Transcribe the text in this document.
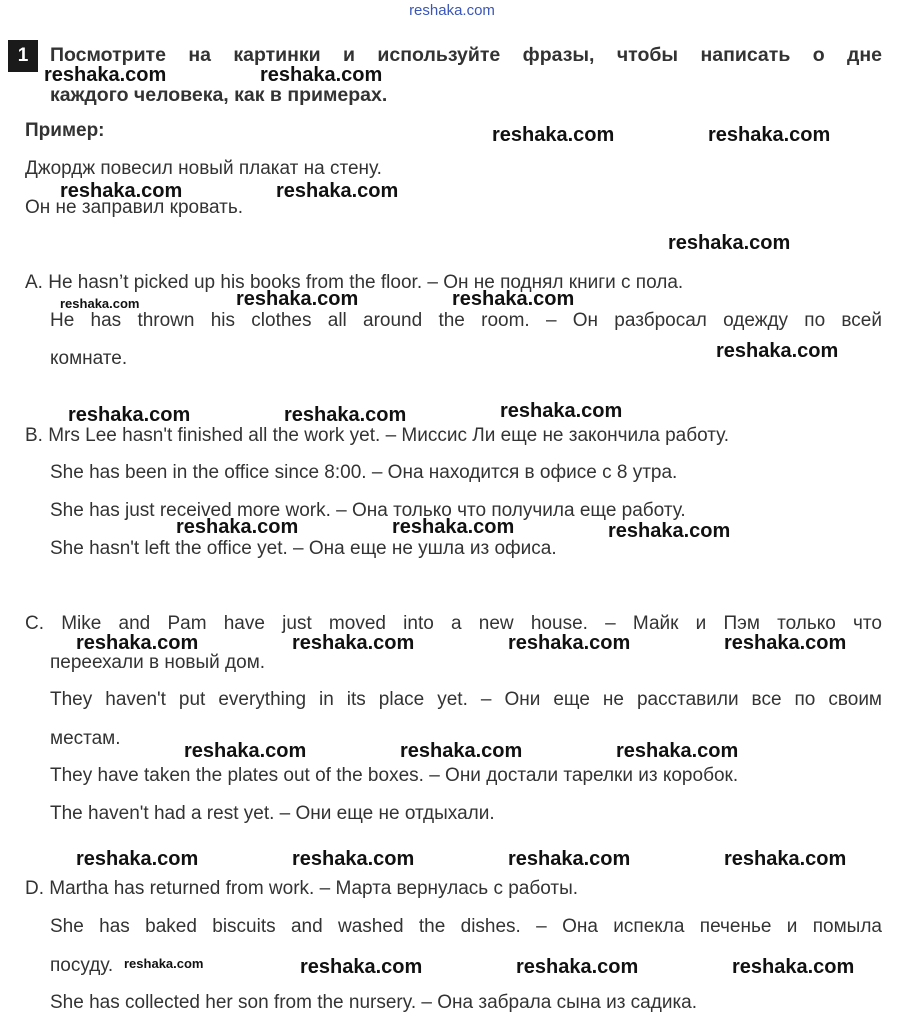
reshaka.com
1	Посмотрите на картинки и используйте фразы, чтобы написать о дне
каждого человека, как в примерах.
Пример:
Джордж повесил новый плакат на стену.
Он не заправил кровать.
A. He hasn’t picked up his books from the floor. – Он не поднял книги с пола.
He has thrown his clothes all around the room. – Он разбросал одежду по всей
комнате.
B. Mrs Lee hasn't finished all the work yet. – Миссис Ли еще не закончила работу.
She has been in the office since 8:00. – Она находится в офисе с 8 утра.
She has just received more work. – Она только что получила еще работу.
She hasn't left the office yet. – Она еще не ушла из офиса.
C. Mike and Pam have just moved into a new house. – Майк и Пэм только что
переехали в новый дом.
They haven't put everything in its place yet. – Они еще не расставили все по своим
местам.
They have taken the plates out of the boxes. – Они достали тарелки из коробок.
The haven't had a rest yet. – Они еще не отдыхали.
D. Martha has returned from work. – Марта вернулась с работы.
She has baked biscuits and washed the dishes. – Она испекла печенье и помыла
посуду.
She has collected her son from the nursery. – Она забрала сына из садика.
reshaka.com	reshaka.com
reshaka.com	reshaka.com
reshaka.com	reshaka.com
reshaka.com
reshaka.com	reshaka.com	reshaka.com
reshaka.com
reshaka.com	reshaka.com	reshaka.com
reshaka.com	reshaka.com	reshaka.com
reshaka.com	reshaka.com	reshaka.com	reshaka.com
reshaka.com	reshaka.com	reshaka.com
reshaka.com	reshaka.com	reshaka.com	reshaka.com
reshaka.com	reshaka.com	reshaka.com	reshaka.com
